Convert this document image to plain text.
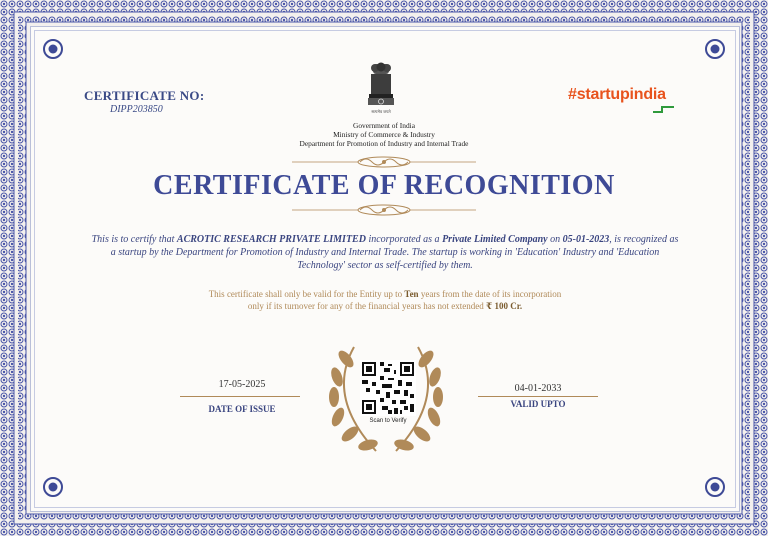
CERTIFICATE NO:
DIPP203850	सत्यमेव जयते
Government of India
Ministry of Commerce & Industry
Department for Promotion of Industry and Internal Trade
#startupindia
CERTIFICATE OF RECOGNITION
This is to certify that ACROTIC RESEARCH PRIVATE LIMITED incorporated as a Private Limited Company on 05-01-2023, is recognized as a startup by the Department for Promotion of Industry and Internal Trade. The startup is working in 'Education' Industry and 'Education Technology' sector as self-certified by them.
This certificate shall only be valid for the Entity up to Ten years from the date of its incorporation
only if its turnover for any of the financial years has not extended ₹ 100 Cr.
17-05-2025
DATE OF ISSUE
04-01-2033
VALID UPTO
Scan to Verify
